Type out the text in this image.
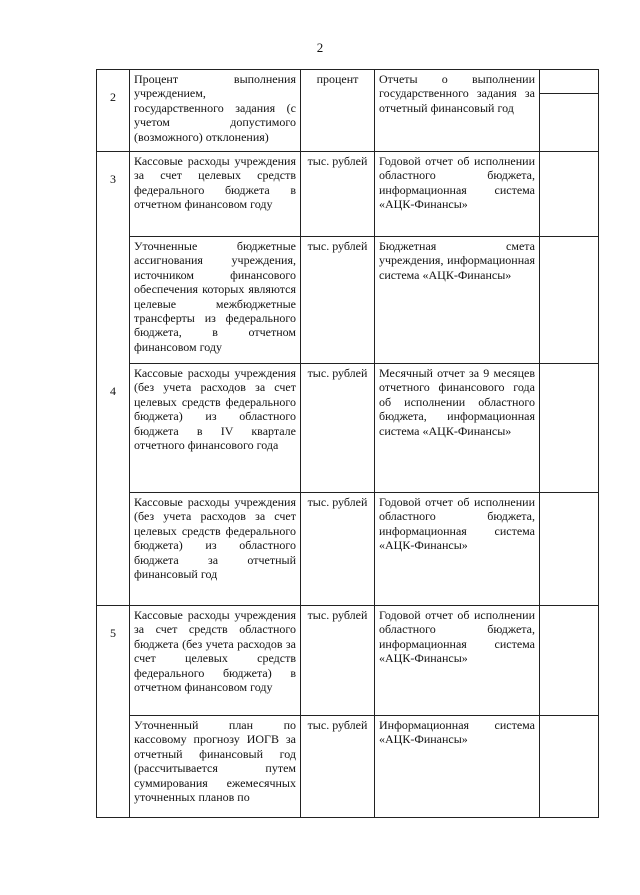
2
2	Процент выполнения учреждением, государственного задания (с учетом допустимого (возможного) отклонения)	процент	Отчеты о выполнении государственного задания за отчетный финансовый год	

3	Кассовые расходы учреждения за счет целевых средств федерального бюджета в отчетном финансовом году	тыс. рублей	Годовой отчет об исполнении областного бюджета, информационная система «АЦК-Финансы»	
	Уточненные бюджетные ассигнования учреждения, источником финансового обеспечения которых являются целевые межбюджетные трансферты из федерального бюджета, в отчетном финансовом году	тыс. рублей	Бюджетная смета учреждения, информационная система «АЦК-Финансы»	
4	Кассовые расходы учреждения (без учета расходов за счет целевых средств федерального бюджета) из областного бюджета в IV квартале отчетного финансового года	тыс. рублей	Месячный отчет за 9 месяцев отчетного финансового года об исполнении областного бюджета, информационная система «АЦК-Финансы»	
	Кассовые расходы учреждения (без учета расходов за счет целевых средств федерального бюджета) из областного бюджета за отчетный финансовый год	тыс. рублей	Годовой отчет об исполнении областного бюджета, информационная система «АЦК-Финансы»	
5	Кассовые расходы учреждения за счет средств областного бюджета (без учета расходов за счет целевых средств федерального бюджета) в отчетном финансовом году	тыс. рублей	Годовой отчет об исполнении областного бюджета, информационная система «АЦК-Финансы»	
	Уточненный план по кассовому прогнозу ИОГВ за отчетный финансовый год (рассчитывается путем суммирования ежемесячных уточненных планов по	тыс. рублей	Информационная система «АЦК-Финансы»	
